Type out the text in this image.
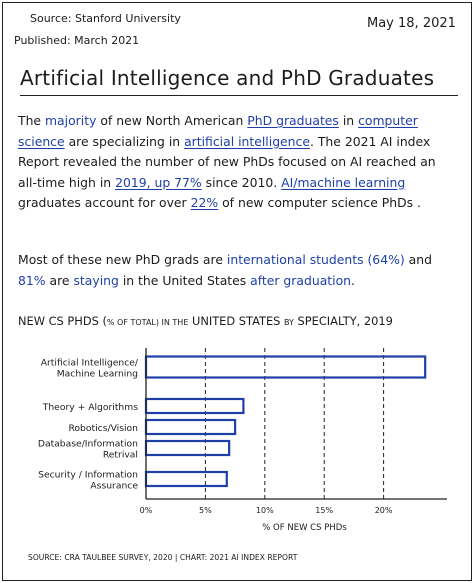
Source: Stanford University
Published: March 2021
May 18, 2021
Artificial Intelligence and PhD Graduates
The majority of new North American PhD graduates in computer science are specializing in artificial intelligence. The 2021 AI index Report revealed the number of new PhDs focused on AI reached an all-time high in 2019, up 77% since 2010. AI/machine learning graduates account for over 22% of new computer science PhDs .
Most of these new PhD grads are international students (64%) and 81% are staying in the United States after graduation.
NEW CS PHDS (% OF TOTAL) IN THE UNITED STATES BY SPECIALTY, 2019
Artificial Intelligence/
Machine Learning
Theory + Algorithms
Robotics/Vision
Database/Information
Retrival
Security / Information
Assurance
0%	5%	10%	15%	20%
% OF NEW CS PHDs
SOURCE: CRA TAULBEE SURVEY, 2020 | CHART: 2021 AI INDEX REPORT
